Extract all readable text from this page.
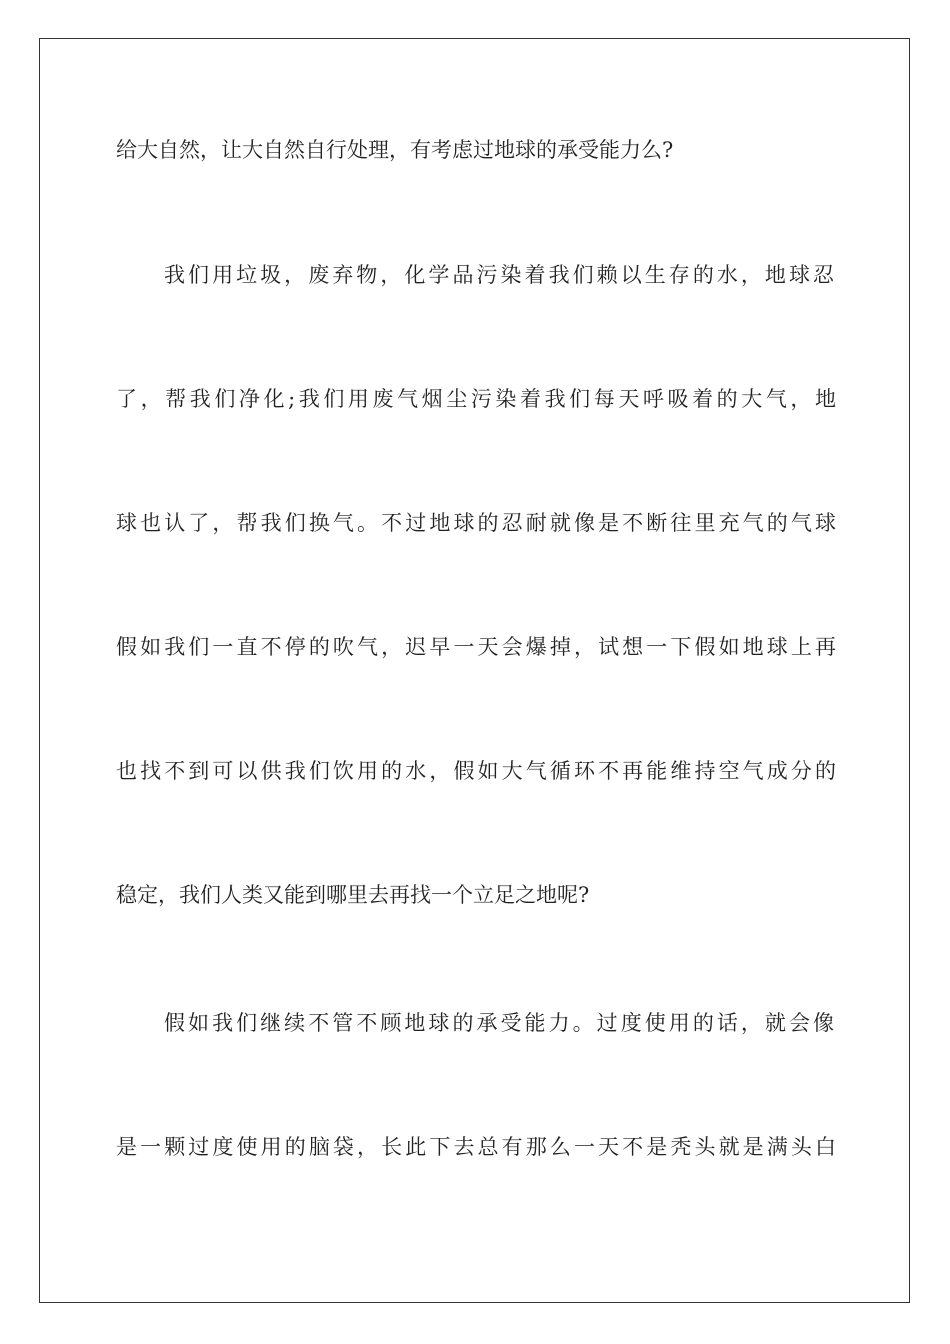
给大自然，让大自然自行处理，有考虑过地球的承受能力么?
我们用垃圾，废弃物，化学品污染着我们赖以生存的水，地球忍
了，帮我们净化;我们用废气烟尘污染着我们每天呼吸着的大气，地
球也认了，帮我们换气。不过地球的忍耐就像是不断往里充气的气球
假如我们一直不停的吹气，迟早一天会爆掉，试想一下假如地球上再
也找不到可以供我们饮用的水，假如大气循环不再能维持空气成分的
稳定，我们人类又能到哪里去再找一个立足之地呢?
假如我们继续不管不顾地球的承受能力。过度使用的话，就会像
是一颗过度使用的脑袋，长此下去总有那么一天不是秃头就是满头白
